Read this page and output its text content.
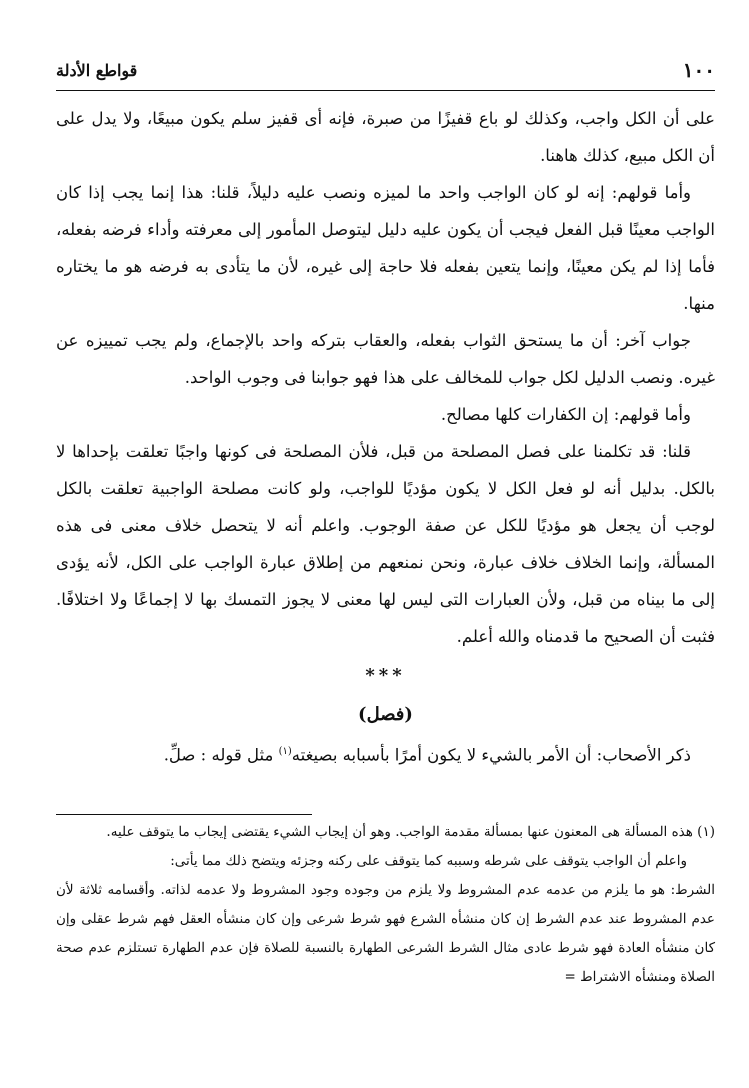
١٠٠
قواطع الأدلة

على أن الكل واجب، وكذلك لو باع قفيزًا من صبرة، فإنه أى قفيز سلم يكون مبيعًا، ولا يدل على أن الكل مبيع، كذلك هاهنا.

وأما قولهم: إنه لو كان الواجب واحد ما لميزه ونصب عليه دليلاً، قلنا: هذا إنما يجب إذا كان الواجب معينًا قبل الفعل فيجب أن يكون عليه دليل ليتوصل المأمور إلى معرفته وأداء فرضه بفعله، فأما إذا لم يكن معينًا، وإنما يتعين بفعله فلا حاجة إلى غيره، لأن ما يتأدى به فرضه هو ما يختاره منها.

جواب آخر: أن ما يستحق الثواب بفعله، والعقاب بتركه واحد بالإجماع، ولم يجب تمييزه عن غيره. ونصب الدليل لكل جواب للمخالف على هذا فهو جوابنا فى وجوب الواحد.

وأما قولهم: إن الكفارات كلها مصالح.

قلنا: قد تكلمنا على فصل المصلحة من قبل، فلأن المصلحة فى كونها واجبًا تعلقت بإحداها لا بالكل. بدليل أنه لو فعل الكل لا يكون مؤديًا للواجب، ولو كانت مصلحة الواجبية تعلقت بالكل لوجب أن يجعل هو مؤديًا للكل عن صفة الوجوب. واعلم أنه لا يتحصل خلاف معنى فى هذه المسألة، وإنما الخلاف خلاف عبارة، ونحن نمنعهم من إطلاق عبارة الواجب على الكل، لأنه يؤدى إلى ما بيناه من قبل، ولأن العبارات التى ليس لها معنى لا يجوز التمسك بها لا إجماعًا ولا اختلافًا. فثبت أن الصحيح ما قدمناه والله أعلم.

***
(فصل)

ذكر الأصحاب: أن الأمر بالشيء لا يكون أمرًا بأسبابه بصيغته$^{(١)}$ مثل قوله : صلِّ.

(١) هذه المسألة هى المعنون عنها بمسألة مقدمة الواجب. وهو أن إيجاب الشيء يقتضى إيجاب ما يتوقف عليه.

واعلم أن الواجب يتوقف على شرطه وسببه كما يتوقف على ركنه وجزئه ويتضح ذلك مما يأتى:

الشرط: هو ما يلزم من عدمه عدم المشروط ولا يلزم من وجوده وجود المشروط ولا عدمه لذاته. وأقسامه ثلاثة لأن عدم المشروط عند عدم الشرط إن كان منشأه الشرع فهو شرط شرعى وإن كان منشأه العقل فهم شرط عقلى وإن كان منشأه العادة فهو شرط عادى مثال الشرط الشرعى الطهارة بالنسبة للصلاة فإن عدم الطهارة تستلزم عدم صحة الصلاة ومنشأه الاشتراط =
